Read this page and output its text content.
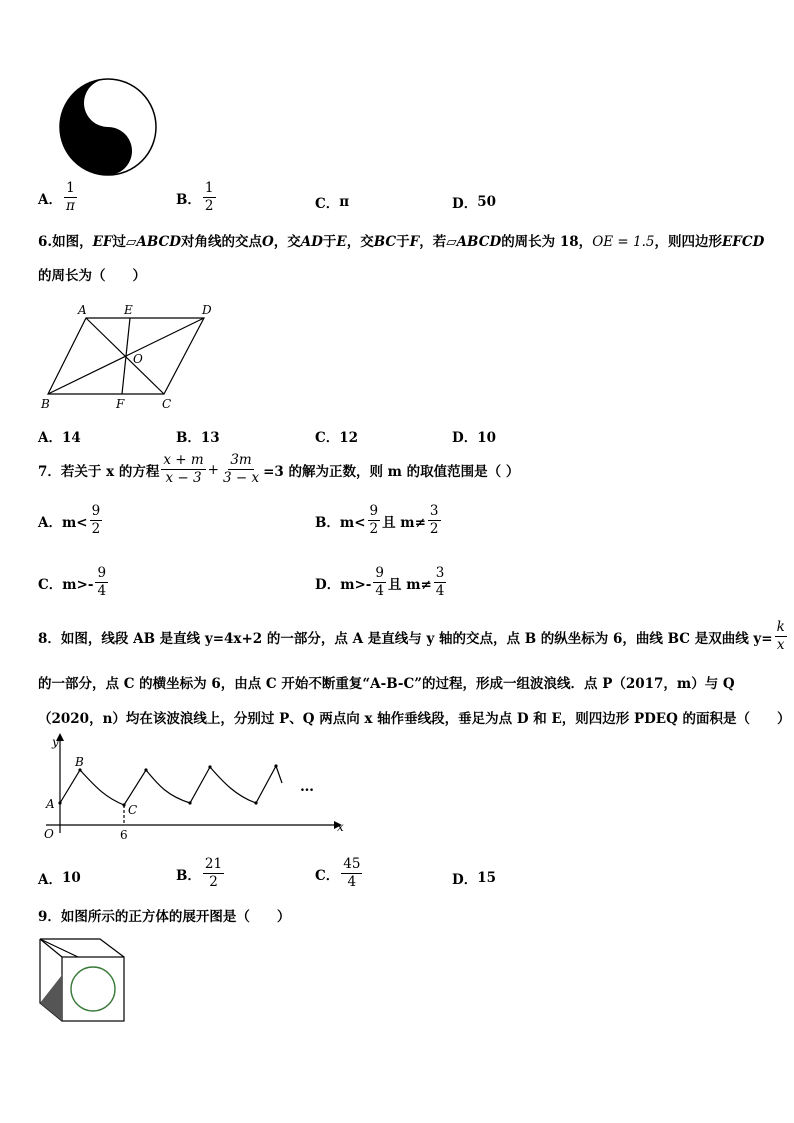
A． $\frac{1}{\pi}$	B． $\frac{1}{2}$	C． π	D． 50
6.如图，EF过▱ABCD对角线的交点O，交AD于E，交BC于F，若▱ABCD的周长为 18，OE = 1.5，则四边形EFCD
的周长为（　　）
A	E	D
O
B	F	C
A．14	B．13	C．12	D．10
7．若关于 x 的方程 $\frac{x + m}{x - 3} + \frac{3m}{3 - x} =3$ 的解为正数，则 m 的取值范围是（ ）
A．$m< \frac{9}{2}$	B．$m< \frac{9}{2}$ 且 $m\ne \frac{3}{2}$
C．$m>- \frac{9}{4}$	D．$m>- \frac{9}{4}$ 且 $m\ne \frac{3}{4}$
8．如图，线段 AB 是直线 y=4x+2 的一部分，点 A 是直线与 y 轴的交点，点 B 的纵坐标为 6，曲线 BC 是双曲线 $y= \frac{k}{x}$
的一部分，点 C 的横坐标为 6，由点 C 开始不断重复“A-B-C”的过程，形成一组波浪线．点 P（2017，m）与 Q
（2020，n）均在该波浪线上，分别过 P、Q 两点向 x 轴作垂线段，垂足为点 D 和 E，则四边形 PDEQ 的面积是（　　）
y
x
O
A
B
C
6
…
A． 10	B． $\frac{21}{2}$	C． $\frac{45}{4}$	D． 15
9．如图所示的正方体的展开图是（　　）
